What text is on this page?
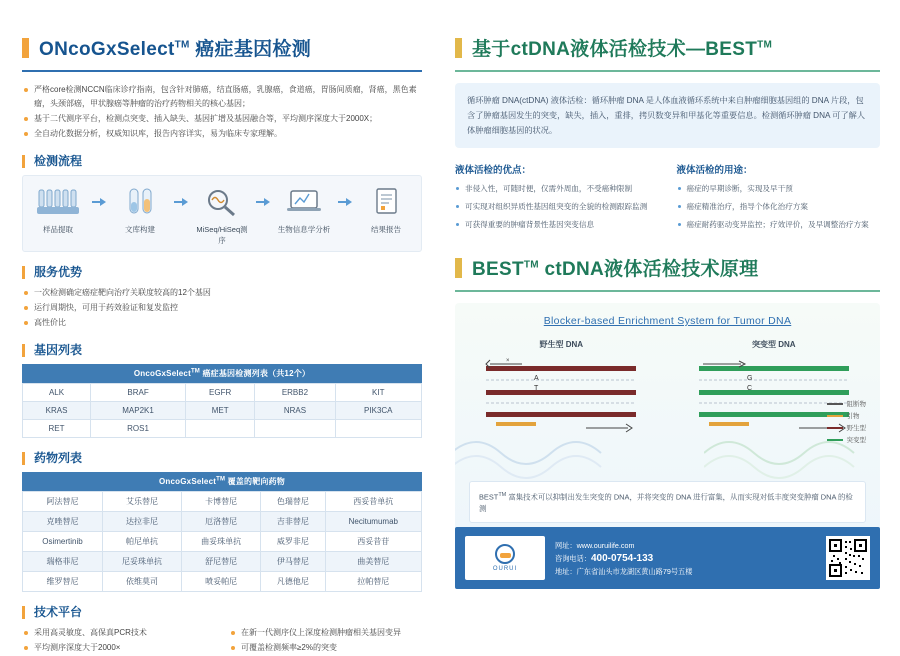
ONcoGxSelect™ 癌症基因检测
严格core检测NCCN临床诊疗指南，包含针对肺癌，结直肠癌，乳腺癌，食道癌，胃肠间质瘤，肾癌，黑色素瘤，头颈部癌，甲状腺癌等肿瘤的治疗药物相关的核心基因；
基于二代测序平台，检测点突变、插入缺失、基因扩增及基因融合等，平均测序深度大于2000X；
全自动化数据分析，权威知识库，报告内容详实，易为临床专家理解。
检测流程
样品提取	文库构建	MiSeq/HiSeq测序
生物信息学分析	结果报告
服务优势
一次检测确定癌症靶向治疗关联度较高的12个基因
运行周期快，可用于药效验证和复发监控
高性价比
基因列表
OncoGxSelect™ 癌症基因检测列表（共12个）
ALK	BRAF	EGFR	ERBB2	KIT
KRAS	MAP2K1	MET	NRAS	PIK3CA
RET	ROS1			
药物列表
OncoGxSelect™ 覆盖的靶向药物
阿法替尼	艾乐替尼	卡博替尼	色瑞替尼	西妥昔单抗
克唑替尼	达拉非尼	厄洛替尼	吉非替尼	Necitumumab
Osimertinib	帕尼单抗	曲妥珠单抗	威罗非尼	西妥昔苷
瑞格菲尼	尼妥珠单抗	舒尼替尼	伊马替尼	曲美替尼
维罗替尼	依维莫司	喷妥帕尼	凡德他尼	拉帕替尼
技术平台
采用高灵敏度、高保真PCR技术
平均测序深度大于2000×
在新一代测序仪上深度检测肿瘤相关基因变异
可覆盖检测频率≥2%的突变
基于ctDNA液体活检技术—BEST™
循环肿瘤 DNA(ctDNA) 液体活检：循环肿瘤 DNA 是人体血液循环系统中来自肿瘤细胞基因组的 DNA 片段，包含了肿瘤基因发生的突变，缺失，插入，重排，拷贝数变异和甲基化等重要信息。检测循环肿瘤 DNA 可了解人体肿瘤细胞基因的状况。
液体活检的优点：
非侵入性，可随时便，仅需外周血，不受癌种限制
可实现对组织异质性基因组突变的全貌的检测跟踪监测
可获得重要的肿瘤背景性基因突变信息
液体活检的用途：
癌症的早期诊断，实现及早干预
癌症精准治疗，指导个体化治疗方案
癌症耐药驱动变异监控；疗效评价，及早调整治疗方案
BEST™ ctDNA液体活检技术原理
Blocker-based Enrichment System for Tumor DNA
野生型 DNA
A
T
×
突变型 DNA
G
C
阻断物
引物
野生型
突变型
BEST™ 富集技术可以抑制出发生突变的 DNA，并将突变的 DNA 进行富集，从而实现对低丰度突变肿瘤 DNA 的检测
OURUI
网址：www.ouruilife.com
咨询电话：400-0754-133
地址：广东省汕头市龙湖区黄山路79号五楼
